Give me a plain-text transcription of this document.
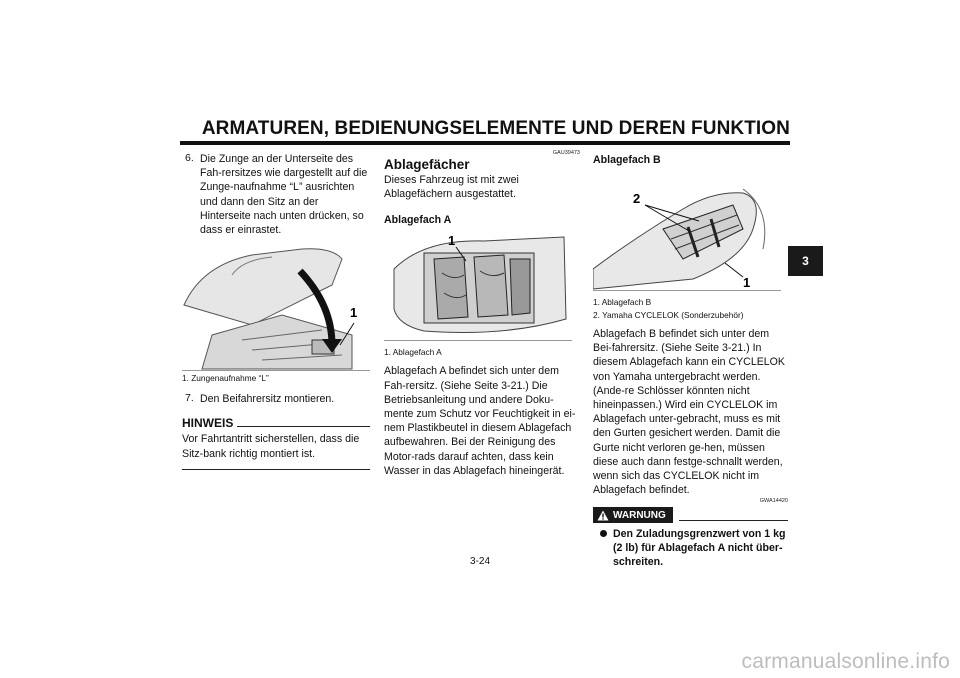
ARMATUREN, BEDIENUNGSELEMENTE UND DEREN FUNKTION
3
6. Die Zunge an der Unterseite des Fah-rersitzes wie dargestellt auf die Zunge-naufnahme “L” ausrichten und dann den Sitz an der Hinterseite nach unten drücken, so dass er einrastet.

1
1. Zungenaufnahme “L”
7. Den Beifahrersitz montieren.

HINWEIS

Vor Fahrtantritt sicherstellen, dass die Sitz-bank richtig montiert ist.

GAU39473
Ablagefächer

Dieses Fahrzeug ist mit zwei Ablagefächern ausgestattet.

Ablagefach A
1
1. Ablagefach A

Ablagefach A befindet sich unter dem Fah-rersitz. (Siehe Seite 3-21.) Die Betriebsanleitung und andere Doku-mente zum Schutz vor Feuchtigkeit in ei-nem Plastikbeutel in diesem Ablagefach aufbewahren. Bei der Reinigung des Motor-rads darauf achten, dass kein Wasser in das Ablagefach hineingerät.

Ablagefach B
2
1
1. Ablagefach B
2. Yamaha CYCLELOK (Sonderzubehör)

Ablagefach B befindet sich unter dem Bei-fahrersitz. (Siehe Seite 3-21.) In diesem Ablagefach kann ein CYCLELOK von Yamaha untergebracht werden. (Ande-re Schlösser könnten nicht hineinpassen.) Wird ein CYCLELOK im Ablagefach unter-gebracht, muss es mit den Gurten gesichert werden. Damit die Gurte nicht verloren ge-hen, müssen diese auch dann festge-schnallt werden, wenn sich das CYCLELOK nicht im Ablagefach befindet.

GWA14420
WARNUNG
Den Zuladungsgrenzwert von 1 kg (2 lb) für Ablagefach A nicht über-schreiten.
3-24
carmanualsonline.info
